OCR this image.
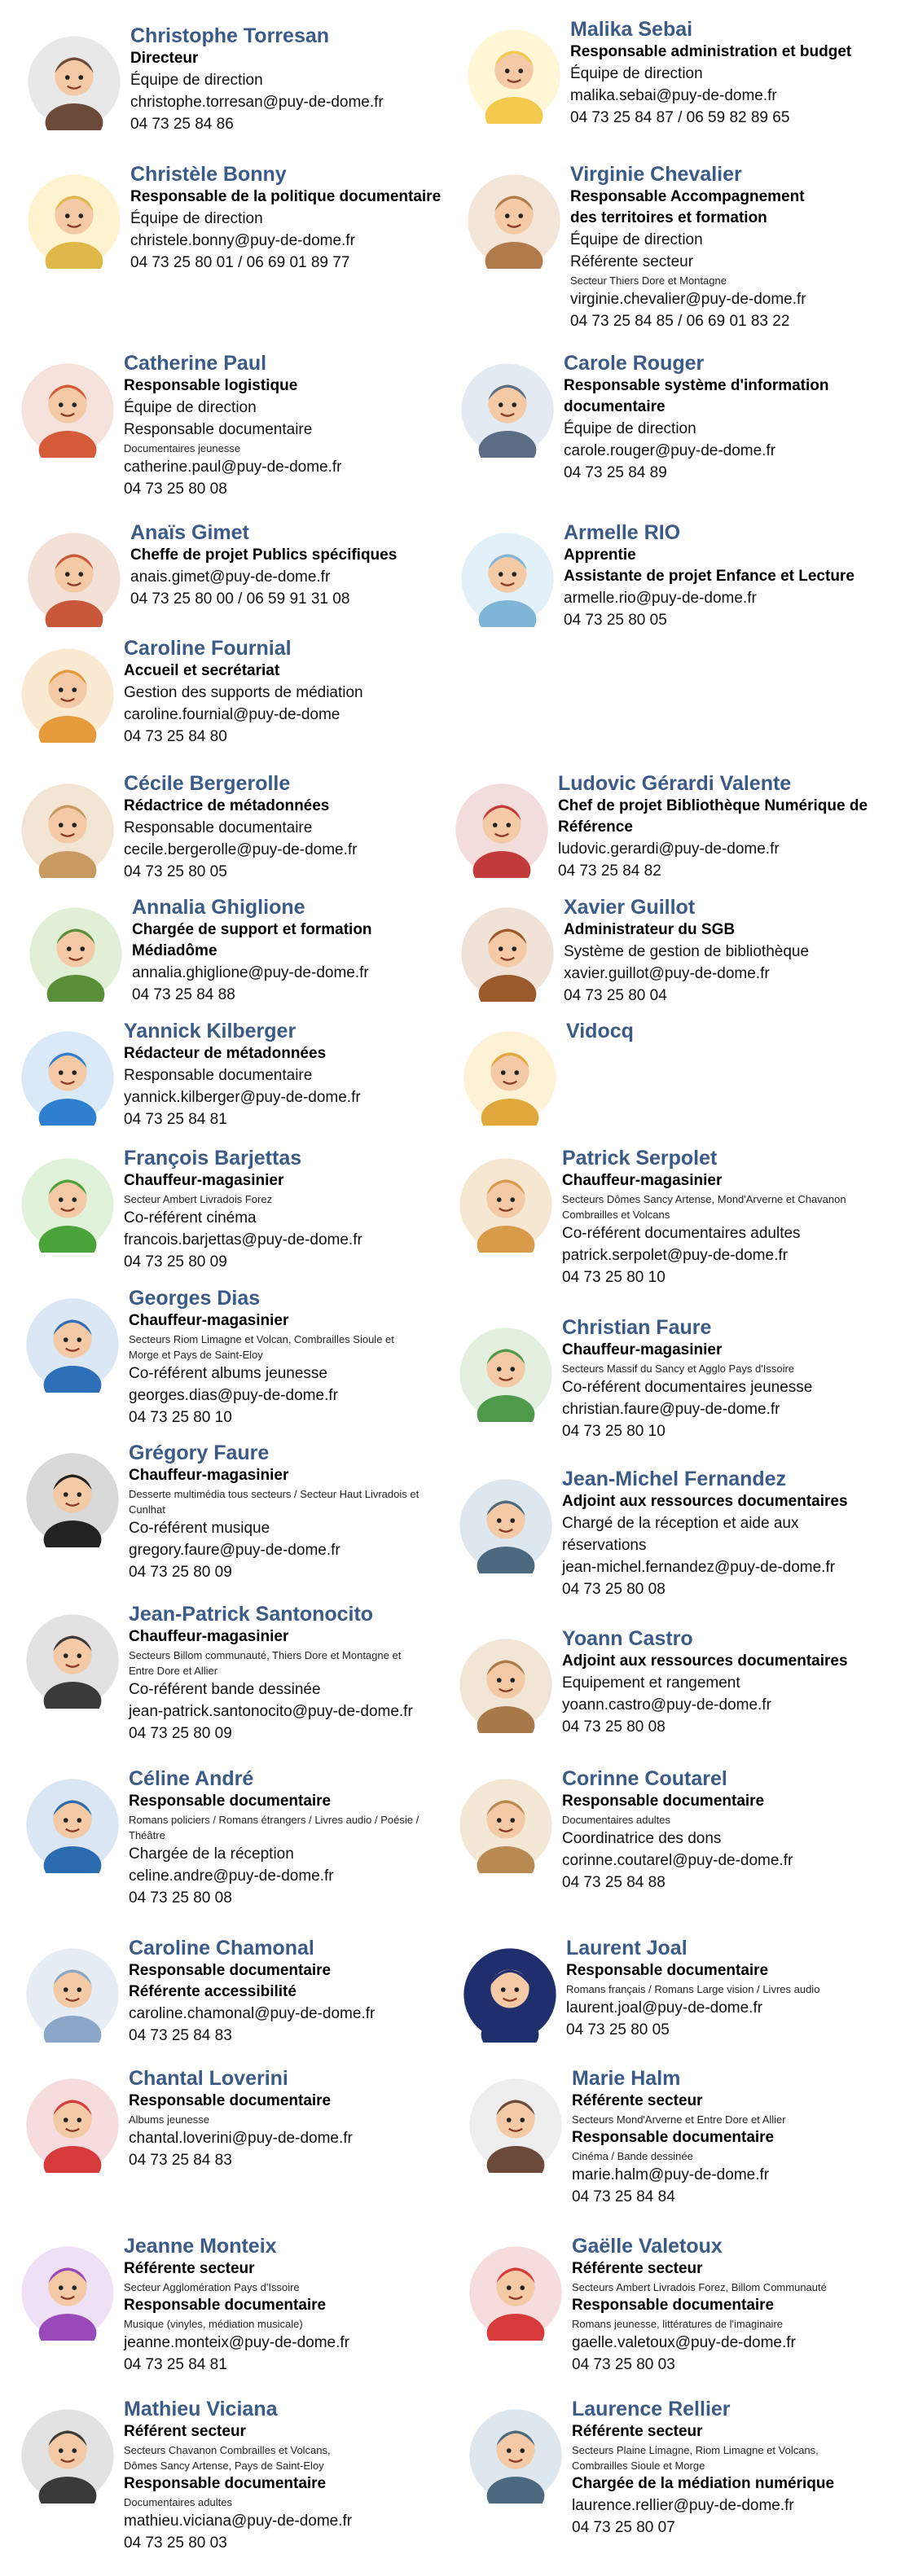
Christophe Torresan
Directeur
Équipe de direction
christophe.torresan@puy-de-dome.fr
04 73 25 84 86
Malika Sebai
Responsable administration et budget
Équipe de direction
malika.sebai@puy-de-dome.fr
04 73 25 84 87 / 06 59 82 89 65
Christèle Bonny
Responsable de la politique documentaire
Équipe de direction
christele.bonny@puy-de-dome.fr
04 73 25 80 01 / 06 69 01 89 77
Virginie Chevalier
Responsable Accompagnement
des territoires et formation
Équipe de direction
Référente secteur
Secteur Thiers Dore et Montagne
virginie.chevalier@puy-de-dome.fr
04 73 25 84 85 / 06 69 01 83 22
Catherine Paul
Responsable logistique
Équipe de direction
Responsable documentaire
Documentaires jeunesse
catherine.paul@puy-de-dome.fr
04 73 25 80 08
Carole Rouger
Responsable système d'information
documentaire
Équipe de direction
carole.rouger@puy-de-dome.fr
04 73 25 84 89
Anaïs Gimet
Cheffe de projet Publics spécifiques
anais.gimet@puy-de-dome.fr
04 73 25 80 00 / 06 59 91 31 08
Armelle RIO
Apprentie
Assistante de projet Enfance et Lecture
armelle.rio@puy-de-dome.fr
04 73 25 80 05
Caroline Fournial
Accueil et secrétariat
Gestion des supports de médiation
caroline.fournial@puy-de-dome
04 73 25 84 80
Cécile Bergerolle
Rédactrice de métadonnées
Responsable documentaire
cecile.bergerolle@puy-de-dome.fr
04 73 25 80 05
Ludovic Gérardi Valente
Chef de projet Bibliothèque Numérique de
Référence
ludovic.gerardi@puy-de-dome.fr
04 73 25 84 82
Annalia Ghiglione
Chargée de support et formation
Médiadôme
annalia.ghiglione@puy-de-dome.fr
04 73 25 84 88
Xavier Guillot
Administrateur du SGB
Système de gestion de bibliothèque
xavier.guillot@puy-de-dome.fr
04 73 25 80 04
Yannick Kilberger
Rédacteur de métadonnées
Responsable documentaire
yannick.kilberger@puy-de-dome.fr
04 73 25 84 81
Vidocq
François Barjettas
Chauffeur-magasinier
Secteur Ambert Livradois Forez
Co-référent cinéma
francois.barjettas@puy-de-dome.fr
04 73 25 80 09
Patrick Serpolet
Chauffeur-magasinier
Secteurs Dômes Sancy Artense, Mond'Arverne et Chavanon
Combrailles et Volcans
Co-référent documentaires adultes
patrick.serpolet@puy-de-dome.fr
04 73 25 80 10
Georges Dias
Chauffeur-magasinier
Secteurs Riom Limagne et Volcan, Combrailles Sioule et
Morge et Pays de Saint-Eloy
Co-référent albums jeunesse
georges.dias@puy-de-dome.fr
04 73 25 80 10
Christian Faure
Chauffeur-magasinier
Secteurs Massif du Sancy et Agglo Pays d'Issoire
Co-référent documentaires jeunesse
christian.faure@puy-de-dome.fr
04 73 25 80 10
Grégory Faure
Chauffeur-magasinier
Desserte multimédia tous secteurs / Secteur Haut Livradois et
Cunlhat
Co-référent musique
gregory.faure@puy-de-dome.fr
04 73 25 80 09
Jean-Michel Fernandez
Adjoint aux ressources documentaires
Chargé de la réception et aide aux
réservations
jean-michel.fernandez@puy-de-dome.fr
04 73 25 80 08
Jean-Patrick Santonocito
Chauffeur-magasinier
Secteurs Billom communauté, Thiers Dore et Montagne et
Entre Dore et Allier
Co-référent bande dessinée
jean-patrick.santonocito@puy-de-dome.fr
04 73 25 80 09
Yoann Castro
Adjoint aux ressources documentaires
Equipement et rangement
yoann.castro@puy-de-dome.fr
04 73 25 80 08
Céline André
Responsable documentaire
Romans policiers / Romans étrangers / Livres audio / Poésie /
Théâtre
Chargée de la réception
celine.andre@puy-de-dome.fr
04 73 25 80 08
Corinne Coutarel
Responsable documentaire
Documentaires adultes
Coordinatrice des dons
corinne.coutarel@puy-de-dome.fr
04 73 25 84 88
Caroline Chamonal
Responsable documentaire
Référente accessibilité
caroline.chamonal@puy-de-dome.fr
04 73 25 84 83
Laurent Joal
Responsable documentaire
Romans français / Romans Large vision / Livres audio
laurent.joal@puy-de-dome.fr
04 73 25 80 05
Chantal Loverini
Responsable documentaire
Albums jeunesse
chantal.loverini@puy-de-dome.fr
04 73 25 84 83
Marie Halm
Référente secteur
Secteurs Mond'Arverne et Entre Dore et Allier
Responsable documentaire
Cinéma / Bande dessinée
marie.halm@puy-de-dome.fr
04 73 25 84 84
Jeanne Monteix
Référente secteur
Secteur Agglomération Pays d'Issoire
Responsable documentaire
Musique (vinyles, médiation musicale)
jeanne.monteix@puy-de-dome.fr
04 73 25 84 81
Gaëlle Valetoux
Référente secteur
Secteurs Ambert Livradois Forez, Billom Communauté
Responsable documentaire
Romans jeunesse, littératures de l'imaginaire
gaelle.valetoux@puy-de-dome.fr
04 73 25 80 03
Mathieu Viciana
Référent secteur
Secteurs Chavanon Combrailles et Volcans,
Dômes Sancy Artense, Pays de Saint-Eloy
Responsable documentaire
Documentaires adultes
mathieu.viciana@puy-de-dome.fr
04 73 25 80 03
Laurence Rellier
Référente secteur
Secteurs Plaine Limagne, Riom Limagne et Volcans,
Combrailles Sioule et Morge
Chargée de la médiation numérique
laurence.rellier@puy-de-dome.fr
04 73 25 80 07
